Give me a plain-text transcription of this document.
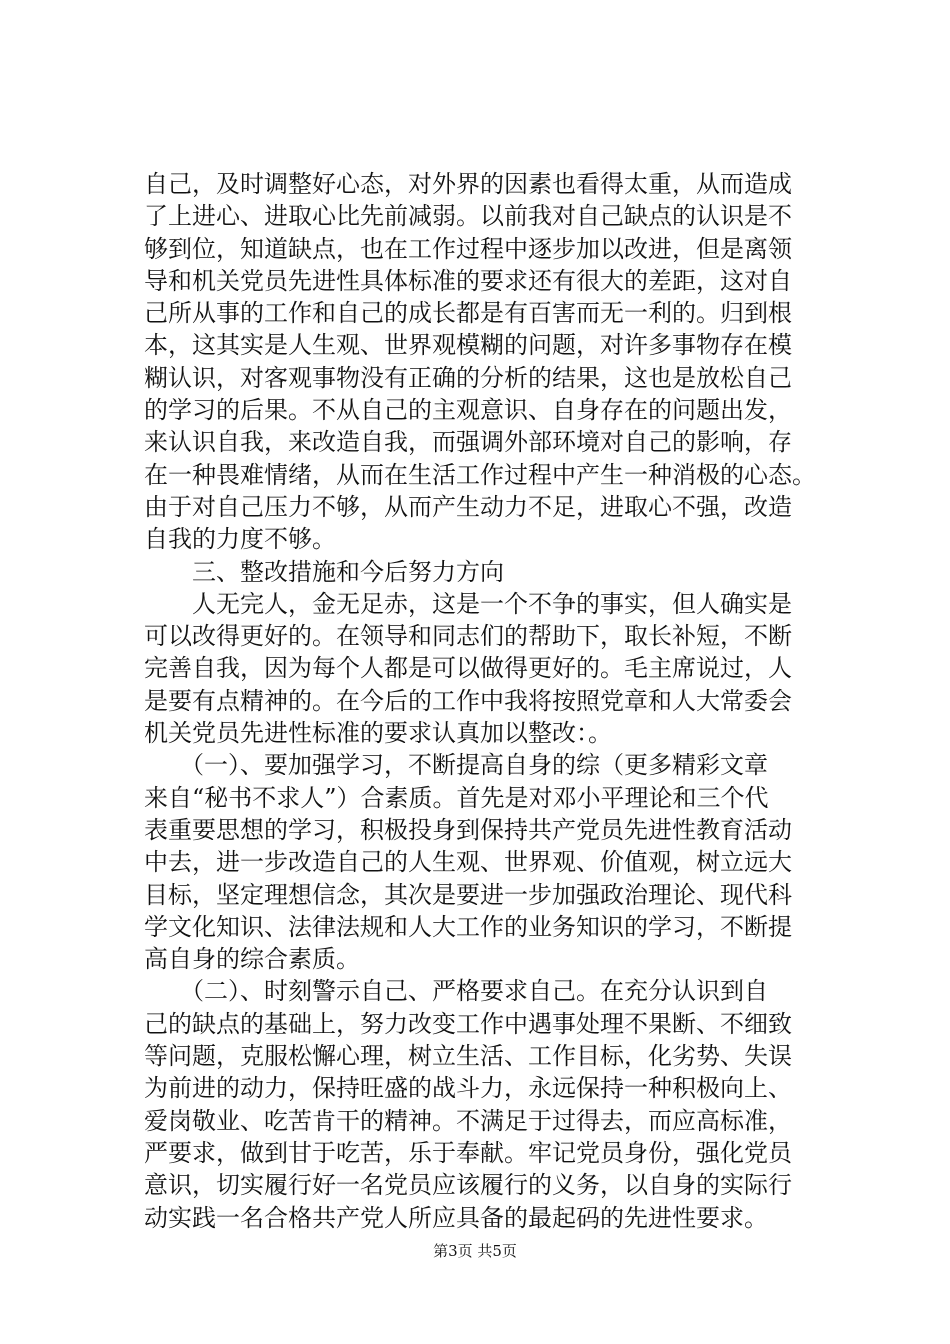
自己，及时调整好心态，对外界的因素也看得太重，从而造成
了上进心、进取心比先前减弱。以前我对自己缺点的认识是不
够到位，知道缺点，也在工作过程中逐步加以改进，但是离领
导和机关党员先进性具体标准的要求还有很大的差距，这对自
己所从事的工作和自己的成长都是有百害而无一利的。归到根
本，这其实是人生观、世界观模糊的问题，对许多事物存在模
糊认识，对客观事物没有正确的分析的结果，这也是放松自己
的学习的后果。不从自己的主观意识、自身存在的问题出发，
来认识自我，来改造自我，而强调外部环境对自己的影响，存
在一种畏难情绪，从而在生活工作过程中产生一种消极的心态。
由于对自己压力不够，从而产生动力不足，进取心不强，改造
自我的力度不够。
　　三、整改措施和今后努力方向
　　人无完人，金无足赤，这是一个不争的事实，但人确实是
可以改得更好的。在领导和同志们的帮助下，取长补短，不断
完善自我，因为每个人都是可以做得更好的。毛主席说过，人
是要有点精神的。在今后的工作中我将按照党章和人大常委会
机关党员先进性标准的要求认真加以整改：。
　　（一）、要加强学习，不断提高自身的综（更多精彩文章
来自“秘书不求人”）合素质。首先是对邓小平理论和三个代
表重要思想的学习，积极投身到保持共产党员先进性教育活动
中去，进一步改造自己的人生观、世界观、价值观，树立远大
目标，坚定理想信念，其次是要进一步加强政治理论、现代科
学文化知识、法律法规和人大工作的业务知识的学习，不断提
高自身的综合素质。
　　（二）、时刻警示自己、严格要求自己。在充分认识到自
己的缺点的基础上，努力改变工作中遇事处理不果断、不细致
等问题，克服松懈心理，树立生活、工作目标，化劣势、失误
为前进的动力，保持旺盛的战斗力，永远保持一种积极向上、
爱岗敬业、吃苦肯干的精神。不满足于过得去，而应高标准，
严要求，做到甘于吃苦，乐于奉献。牢记党员身份，强化党员
意识，切实履行好一名党员应该履行的义务，以自身的实际行
动实践一名合格共产党人所应具备的最起码的先进性要求。
第3页 共5页
